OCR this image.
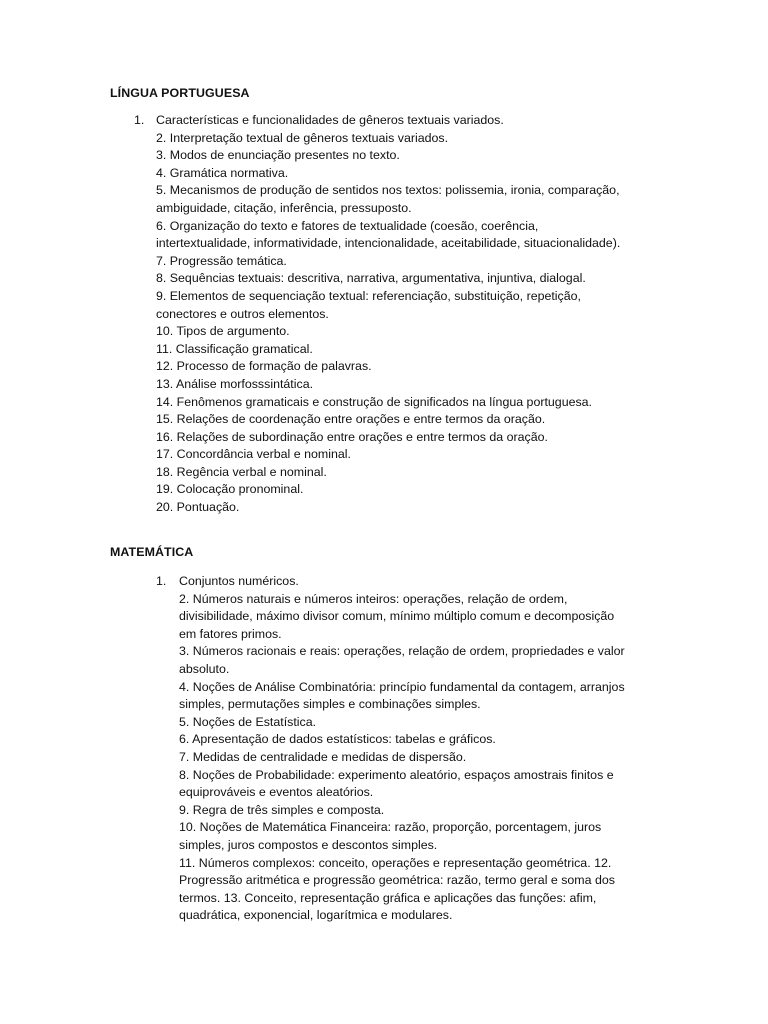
LÍNGUA PORTUGUESA
1. Características e funcionalidades de gêneros textuais variados.

2. Interpretação textual de gêneros textuais variados.

3. Modos de enunciação presentes no texto.

4. Gramática normativa.

5. Mecanismos de produção de sentidos nos textos: polissemia, ironia, comparação,

ambiguidade, citação, inferência, pressuposto.

6. Organização do texto e fatores de textualidade (coesão, coerência,

intertextualidade, informatividade, intencionalidade, aceitabilidade, situacionalidade).

7. Progressão temática.

8. Sequências textuais: descritiva, narrativa, argumentativa, injuntiva, dialogal.

9. Elementos de sequenciação textual: referenciação, substituição, repetição,

conectores e outros elementos.

10. Tipos de argumento.

11. Classificação gramatical.

12. Processo de formação de palavras.

13. Análise morfosssintática.

14. Fenômenos gramaticais e construção de significados na língua portuguesa.

15. Relações de coordenação entre orações e entre termos da oração.

16. Relações de subordinação entre orações e entre termos da oração.

17. Concordância verbal e nominal.

18. Regência verbal e nominal.

19. Colocação pronominal.

20. Pontuação.

MATEMÁTICA
1. Conjuntos numéricos.

2. Números naturais e números inteiros: operações, relação de ordem,

divisibilidade, máximo divisor comum, mínimo múltiplo comum e decomposição

em fatores primos.

3. Números racionais e reais: operações, relação de ordem, propriedades e valor

absoluto.

4. Noções de Análise Combinatória: princípio fundamental da contagem, arranjos

simples, permutações simples e combinações simples.

5. Noções de Estatística.

6. Apresentação de dados estatísticos: tabelas e gráficos.

7. Medidas de centralidade e medidas de dispersão.

8. Noções de Probabilidade: experimento aleatório, espaços amostrais finitos e

equiprováveis e eventos aleatórios.

9. Regra de três simples e composta.

10. Noções de Matemática Financeira: razão, proporção, porcentagem, juros

simples, juros compostos e descontos simples.

11. Números complexos: conceito, operações e representação geométrica. 12.

Progressão aritmética e progressão geométrica: razão, termo geral e soma dos

termos. 13. Conceito, representação gráfica e aplicações das funções: afim,

quadrática, exponencial, logarítmica e modulares.
